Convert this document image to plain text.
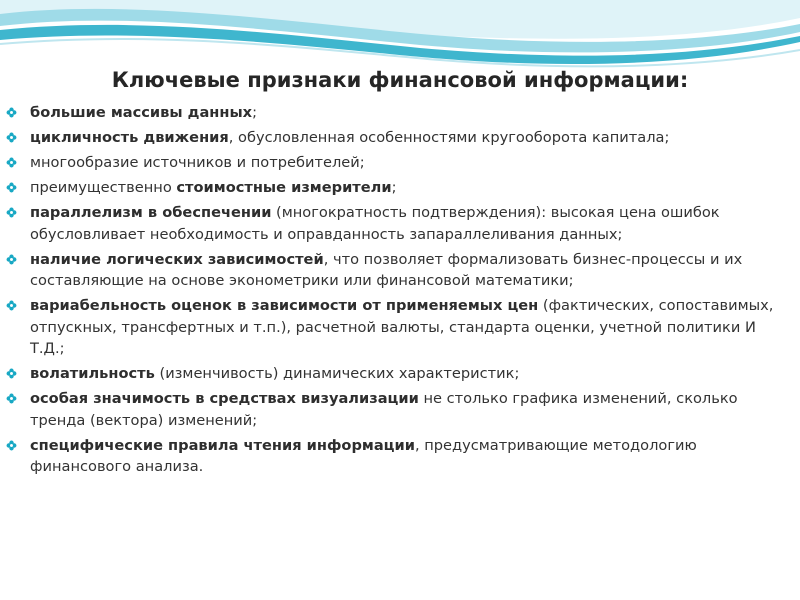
Ключевые признаки финансовой информации:
большие массивы данных;
цикличность движения, обусловленная особенностями кругооборота капитала;
многообразие источников и потребителей;
преимущественно стоимостные измерители;
параллелизм в обеспечении (многократность подтверждения): высокая цена ошибок обусловливает необходимость и оправданность запараллеливания данных;
наличие логических зависимостей, что позволяет формализовать бизнес-процессы и их составляющие на основе эконометрики или финансовой математики;
вариабельность оценок в зависимости от применяемых цен (фактических, сопоставимых, отпускных, трансфертных и т.п.), расчетной валюты, стандарта оценки, учетной политики И Т.Д.;
волатильность (изменчивость) динамических характеристик;
особая значимость в средствах визуализации не столько графика изменений, сколько тренда (вектора) изменений;
специфические правила чтения информации, предусматривающие методологию финансового анализа.
